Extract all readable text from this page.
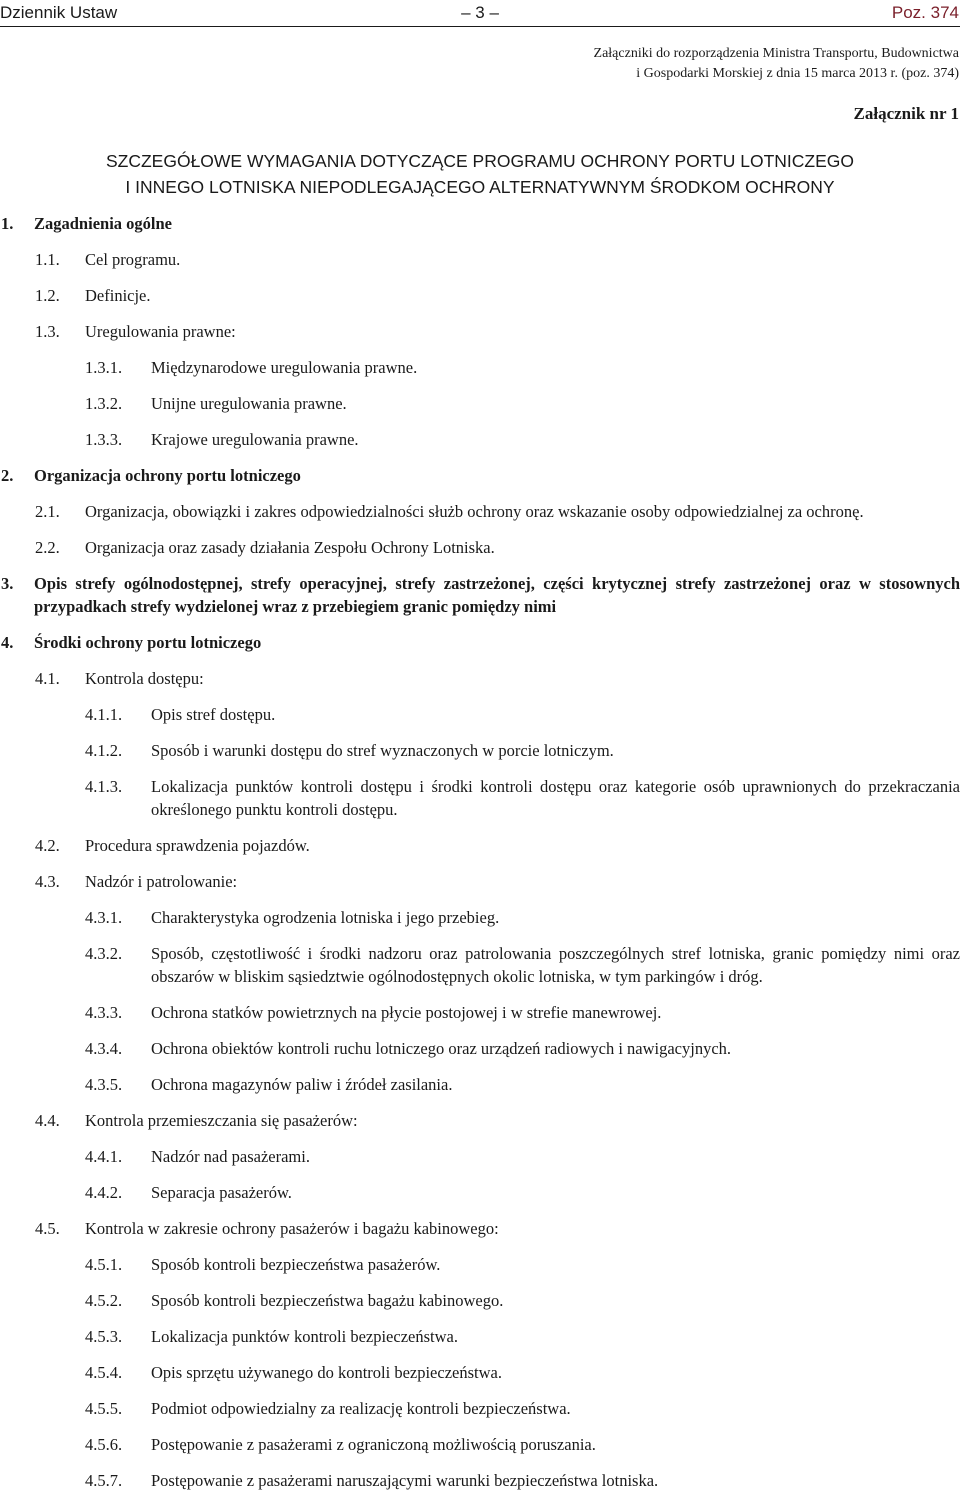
Dziennik Ustaw	– 3 –	Poz. 374
Załączniki do rozporządzenia Ministra Transportu, Budownictwa
i Gospodarki Morskiej z dnia 15 marca 2013 r. (poz. 374)
Załącznik nr 1
SZCZEGÓŁOWE WYMAGANIA DOTYCZĄCE PROGRAMU OCHRONY PORTU LOTNICZEGO
I INNEGO LOTNISKA NIEPODLEGAJĄCEGO ALTERNATYWNYM ŚRODKOM OCHRONY
1.	Zagadnienia ogólne
1.1.	Cel programu.
1.2.	Definicje.
1.3.	Uregulowania prawne:
1.3.1.	Międzynarodowe uregulowania prawne.
1.3.2.	Unijne uregulowania prawne.
1.3.3.	Krajowe uregulowania prawne.
2.	Organizacja ochrony portu lotniczego
2.1.	Organizacja, obowiązki i zakres odpowiedzialności służb ochrony oraz wskazanie osoby odpowiedzialnej za ochronę.
2.2.	Organizacja oraz zasady działania Zespołu Ochrony Lotniska.
3.	Opis strefy ogólnodostępnej, strefy operacyjnej, strefy zastrzeżonej, części krytycznej strefy zastrzeżonej oraz w stosownych przypadkach strefy wydzielonej wraz z przebiegiem granic pomiędzy nimi
4.	Środki ochrony portu lotniczego
4.1.	Kontrola dostępu:
4.1.1.	Opis stref dostępu.
4.1.2.	Sposób i warunki dostępu do stref wyznaczonych w porcie lotniczym.
4.1.3.	Lokalizacja punktów kontroli dostępu i środki kontroli dostępu oraz kategorie osób uprawnionych do przekraczania określonego punktu kontroli dostępu.
4.2.	Procedura sprawdzenia pojazdów.
4.3.	Nadzór i patrolowanie:
4.3.1.	Charakterystyka ogrodzenia lotniska i jego przebieg.
4.3.2.	Sposób, częstotliwość i środki nadzoru oraz patrolowania poszczególnych stref lotniska, granic pomiędzy nimi oraz obszarów w bliskim sąsiedztwie ogólnodostępnych okolic lotniska, w tym parkingów i dróg.
4.3.3.	Ochrona statków powietrznych na płycie postojowej i w strefie manewrowej.
4.3.4.	Ochrona obiektów kontroli ruchu lotniczego oraz urządzeń radiowych i nawigacyjnych.
4.3.5.	Ochrona magazynów paliw i źródeł zasilania.
4.4.	Kontrola przemieszczania się pasażerów:
4.4.1.	Nadzór nad pasażerami.
4.4.2.	Separacja pasażerów.
4.5.	Kontrola w zakresie ochrony pasażerów i bagażu kabinowego:
4.5.1.	Sposób kontroli bezpieczeństwa pasażerów.
4.5.2.	Sposób kontroli bezpieczeństwa bagażu kabinowego.
4.5.3.	Lokalizacja punktów kontroli bezpieczeństwa.
4.5.4.	Opis sprzętu używanego do kontroli bezpieczeństwa.
4.5.5.	Podmiot odpowiedzialny za realizację kontroli bezpieczeństwa.
4.5.6.	Postępowanie z pasażerami z ograniczoną możliwością poruszania.
4.5.7.	Postępowanie z pasażerami naruszającymi warunki bezpieczeństwa lotniska.
